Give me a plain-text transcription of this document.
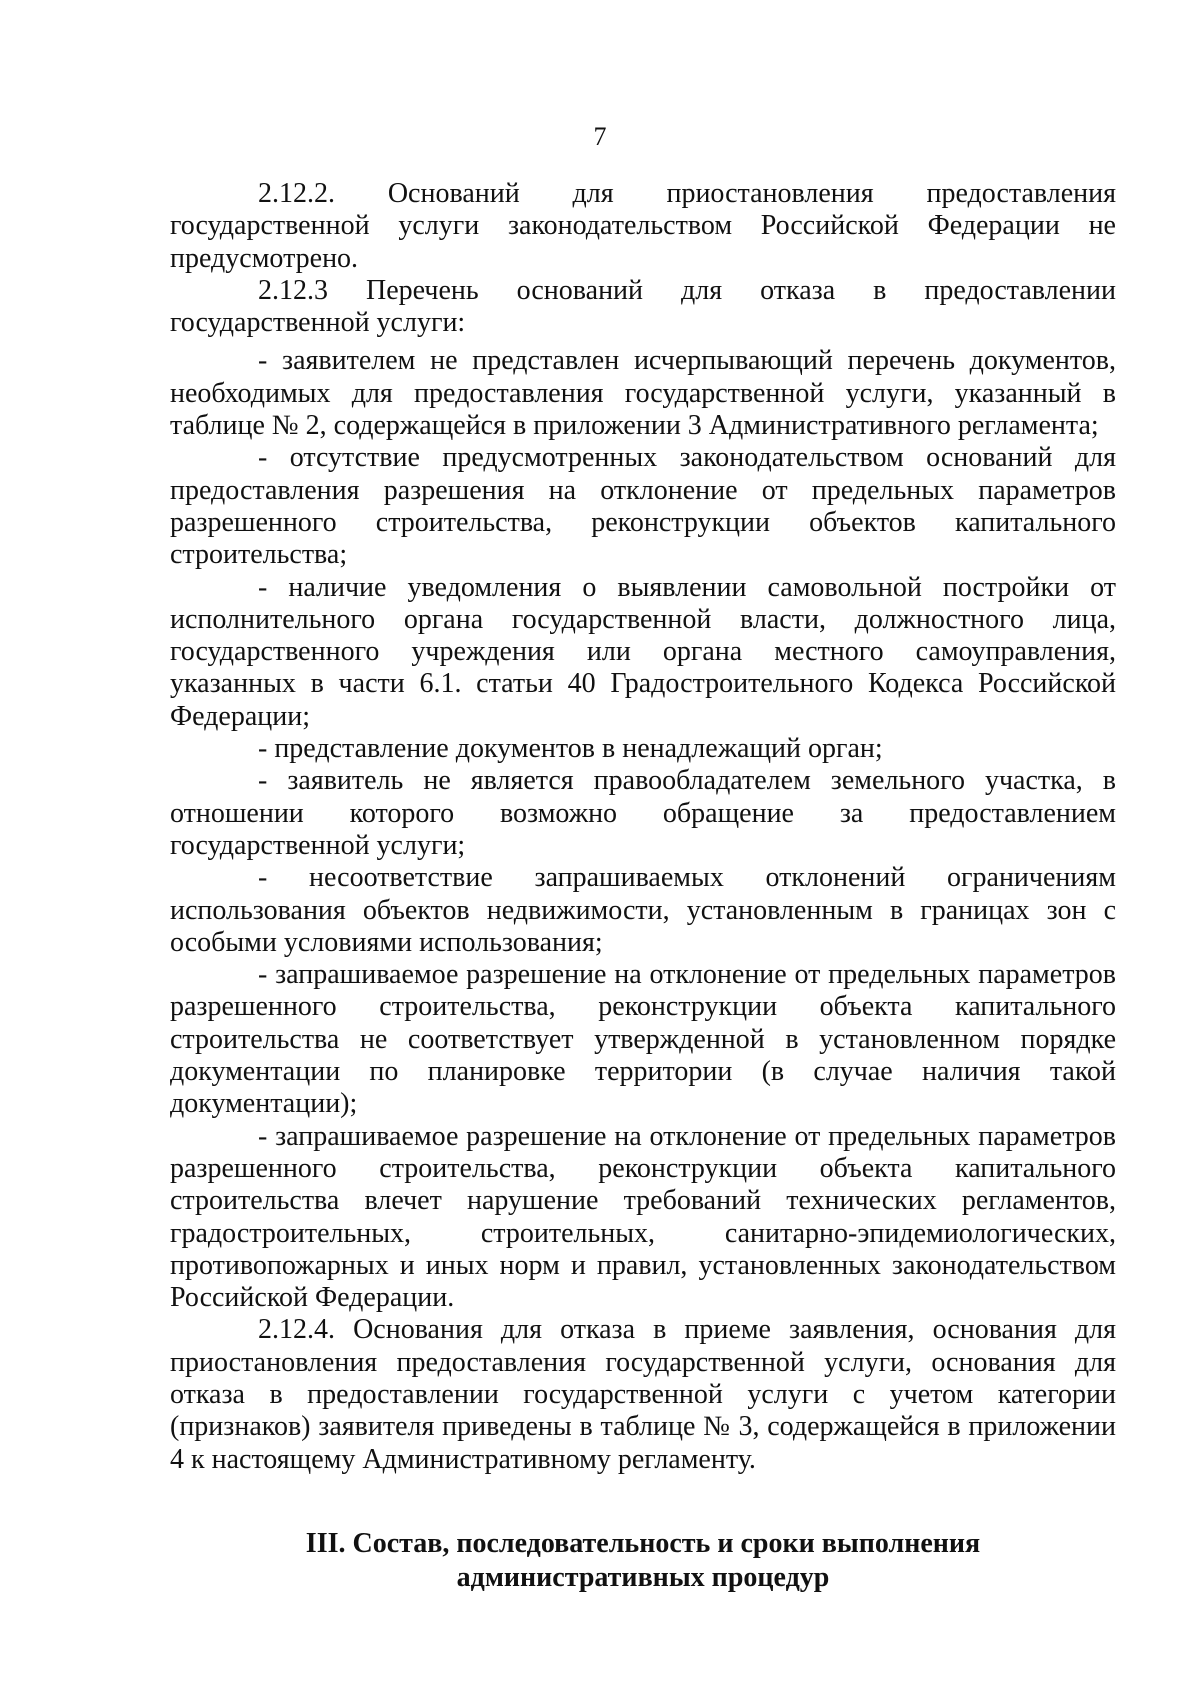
7

2.12.2. Оснований для приостановления предоставления государственной услуги законодательством Российской Федерации не предусмотрено.

2.12.3 Перечень оснований для отказа в предоставлении государственной услуги:

- заявителем не представлен исчерпывающий перечень документов, необходимых для предоставления государственной услуги, указанный в таблице № 2, содержащейся в приложении 3 Административного регламента;

- отсутствие предусмотренных законодательством оснований для предоставления разрешения на отклонение от предельных параметров разрешенного строительства, реконструкции объектов капитального строительства;

- наличие уведомления о выявлении самовольной постройки от исполнительного органа государственной власти, должностного лица, государственного учреждения или органа местного самоуправления, указанных в части 6.1. статьи 40 Градостроительного Кодекса Российской Федерации;

- представление документов в ненадлежащий орган;

- заявитель не является правообладателем земельного участка, в отношении которого возможно обращение за предоставлением государственной услуги;

- несоответствие запрашиваемых отклонений ограничениям использования объектов недвижимости, установленным в границах зон с особыми условиями использования;

- запрашиваемое разрешение на отклонение от предельных параметров разрешенного строительства, реконструкции объекта капитального строительства не соответствует утвержденной в установленном порядке документации по планировке территории (в случае наличия такой документации);

- запрашиваемое разрешение на отклонение от предельных параметров разрешенного строительства, реконструкции объекта капитального строительства влечет нарушение требований технических регламентов, градостроительных, строительных, санитарно-эпидемиологических, противопожарных и иных норм и правил, установленных законодательством Российской Федерации.

2.12.4. Основания для отказа в приеме заявления, основания для приостановления предоставления государственной услуги, основания для отказа в предоставлении государственной услуги с учетом категории (признаков) заявителя приведены в таблице № 3, содержащейся в приложении 4 к настоящему Административному регламенту.

III. Состав, последовательность и сроки выполнения
административных процедур
